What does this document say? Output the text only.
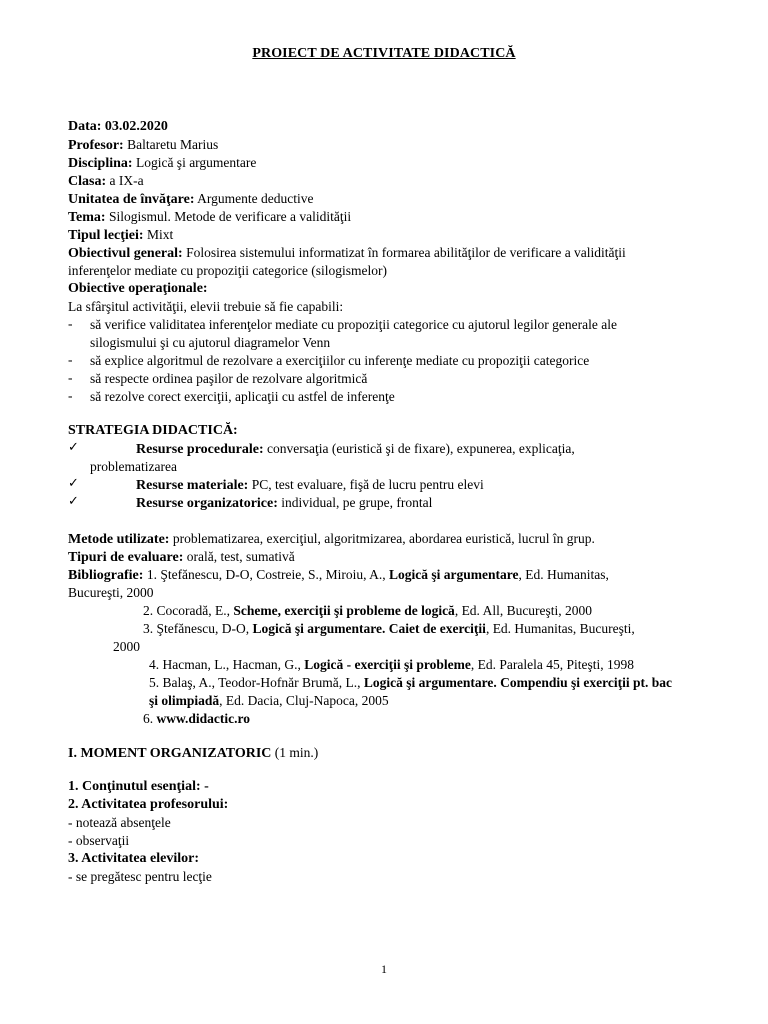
PROIECT DE ACTIVITATE DIDACTICĂ
Data: 03.02.2020
Profesor: Baltaretu Marius
Disciplina: Logică şi argumentare
Clasa: a IX-a
Unitatea de învăţare: Argumente deductive
Tema: Silogismul. Metode de verificare a validităţii
Tipul lecţiei: Mixt
Obiectivul general: Folosirea sistemului informatizat în formarea abilităţilor de verificare a validităţii
inferenţelor mediate cu propoziţii categorice (silogismelor)
Obiective operaţionale:
La sfârşitul activităţii, elevii trebuie să fie capabili:
- să verifice validitatea inferenţelor mediate cu propoziţii categorice cu ajutorul legilor generale ale
silogismului şi cu ajutorul diagramelor Venn
- să explice algoritmul de rezolvare a exerciţiilor cu inferenţe mediate cu propoziţii categorice
- să respecte ordinea paşilor de rezolvare algoritmică
- să rezolve corect exerciţii, aplicaţii cu astfel de inferenţe
STRATEGIA DIDACTICĂ:
✓	Resurse procedurale: conversaţia (euristică şi de fixare), expunerea, explicaţia,
problematizarea
✓	Resurse materiale: PC, test evaluare, fişă de lucru pentru elevi
✓	Resurse organizatorice: individual, pe grupe, frontal
Metode utilizate: problematizarea, exerciţiul, algoritmizarea, abordarea euristică, lucrul în grup.
Tipuri de evaluare: orală, test, sumativă
Bibliografie: 1. Ştefănescu, D-O, Costreie, S., Miroiu, A., Logică şi argumentare, Ed. Humanitas,
Bucureşti, 2000
2. Cocoradă, E., Scheme, exerciţii şi probleme de logică, Ed. All, Bucureşti, 2000
3. Ştefănescu, D-O, Logică şi argumentare. Caiet de exerciţii, Ed. Humanitas, Bucureşti,
2000
4. Hacman, L., Hacman, G., Logică - exerciţii şi probleme, Ed. Paralela 45, Piteşti, 1998
5. Balaş, A., Teodor-Hofnăr Brumă, L., Logică şi argumentare. Compendiu şi exerciţii pt. bac
şi olimpiadă, Ed. Dacia, Cluj-Napoca, 2005
6. www.didactic.ro
I. MOMENT ORGANIZATORIC (1 min.)
1. Conţinutul esenţial: -
2. Activitatea profesorului:
- notează absenţele
- observaţii
3. Activitatea elevilor:
- se pregătesc pentru lecţie
1
